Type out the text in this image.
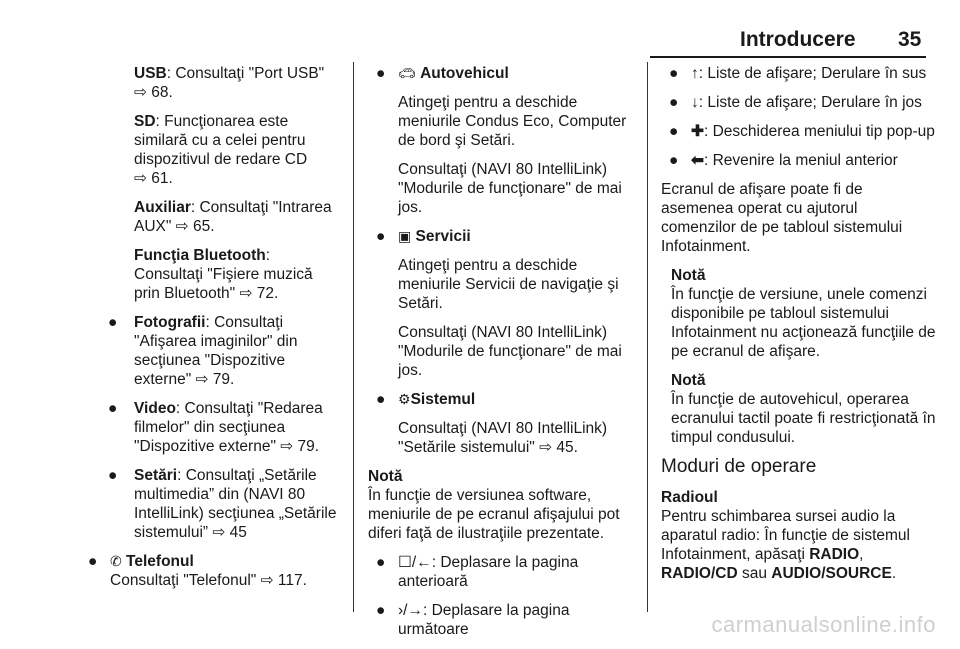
Introducere 35

USB: Consultaţi "Port USB"
⇨ 68.

SD: Funcţionarea este similară cu a celei pentru dispozitivul de redare CD
⇨ 61.

Auxiliar: Consultaţi "Intrarea AUX" ⇨ 65.

Funcţia Bluetooth: Consultaţi "Fişiere muzică prin Bluetooth" ⇨ 72.

● Fotografii: Consultaţi "Afişarea imaginilor" din secţiunea "Dispozitive externe" ⇨ 79.
● Video: Consultaţi "Redarea filmelor" din secţiunea "Dispozitive externe" ⇨ 79.
● Setări: Consultaţi „Setările multimedia” din (NAVI 80 IntelliLink) secţiunea „Setările sistemului” ⇨ 45
● ✆ Telefonul
Consultaţi "Telefonul" ⇨ 117.
● 🚗︎ Autovehicul

Atingeţi pentru a deschide meniurile Condus Eco, Computer de bord şi Setări.

Consultaţi (NAVI 80 IntelliLink) "Modurile de funcţionare" de mai jos.

● ▣ Servicii

Atingeţi pentru a deschide meniurile Servicii de navigaţie şi Setări.

Consultaţi (NAVI 80 IntelliLink) "Modurile de funcţionare" de mai jos.

● ⚙Sistemul

Consultaţi (NAVI 80 IntelliLink) "Setările sistemului" ⇨ 45.

Notă
În funcţie de versiunea software, meniurile de pe ecranul afişajului pot diferi faţă de ilustraţiile prezentate.

● ☐/←: Deplasare la pagina anterioară
● ›/→: Deplasare la pagina următoare
● ↑: Liste de afişare; Derulare în sus
● ↓: Liste de afişare; Derulare în jos
● ✚: Deschiderea meniului tip pop-up
● ⬅: Revenire la meniul anterior

Ecranul de afişare poate fi de asemenea operat cu ajutorul comenzilor de pe tabloul sistemului Infotainment.

Notă
În funcţie de versiune, unele comenzi disponibile pe tabloul sistemului Infotainment nu acţionează funcţiile de pe ecranul de afişare.

Notă
În funcţie de autovehicul, operarea ecranului tactil poate fi restricţionată în timpul condusului.

Moduri de operare

Radioul
Pentru schimbarea sursei audio la aparatul radio: În funcţie de sistemul Infotainment, apăsaţi RADIO,
RADIO/CD sau AUDIO/SOURCE.

carmanualsonline.info
